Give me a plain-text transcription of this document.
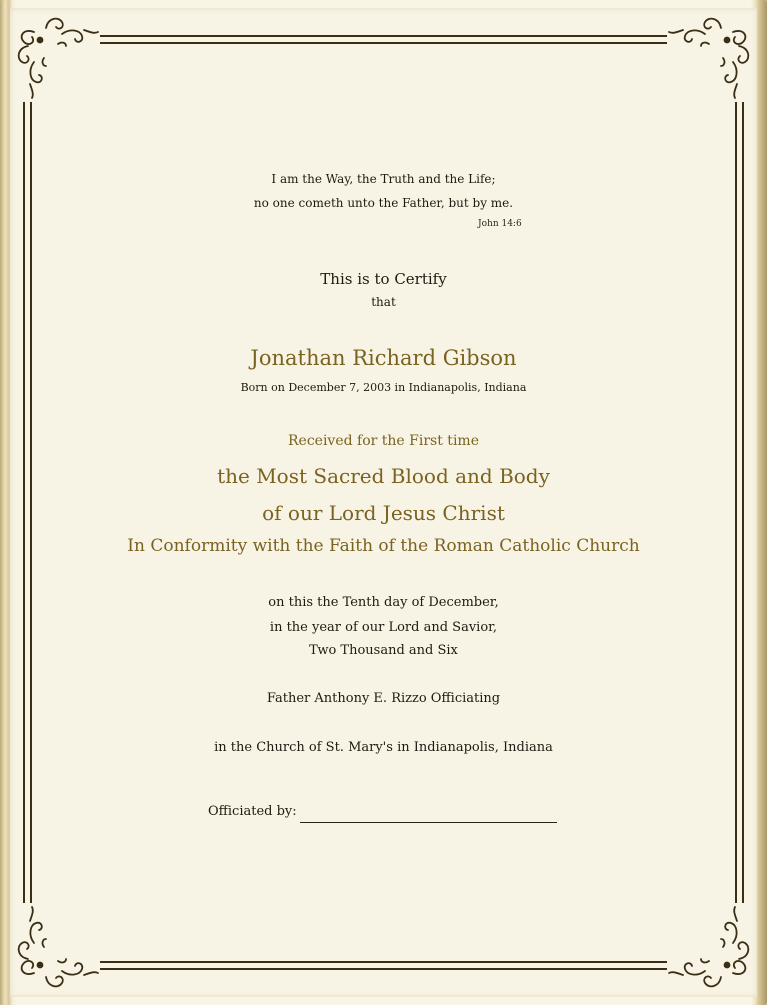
I am the Way, the Truth and the Life;
no one cometh unto the Father, but by me.
John 14:6
This is to Certify
that
Jonathan Richard Gibson
Born on December 7, 2003 in Indianapolis, Indiana
Received for the First time
the Most Sacred Blood and Body
of our Lord Jesus Christ
In Conformity with the Faith of the Roman Catholic Church
on this the Tenth day of December,
in the year of our Lord and Savior,
Two Thousand and Six
Father Anthony E. Rizzo Officiating
in the Church of St. Mary's in Indianapolis, Indiana
Officiated by:
